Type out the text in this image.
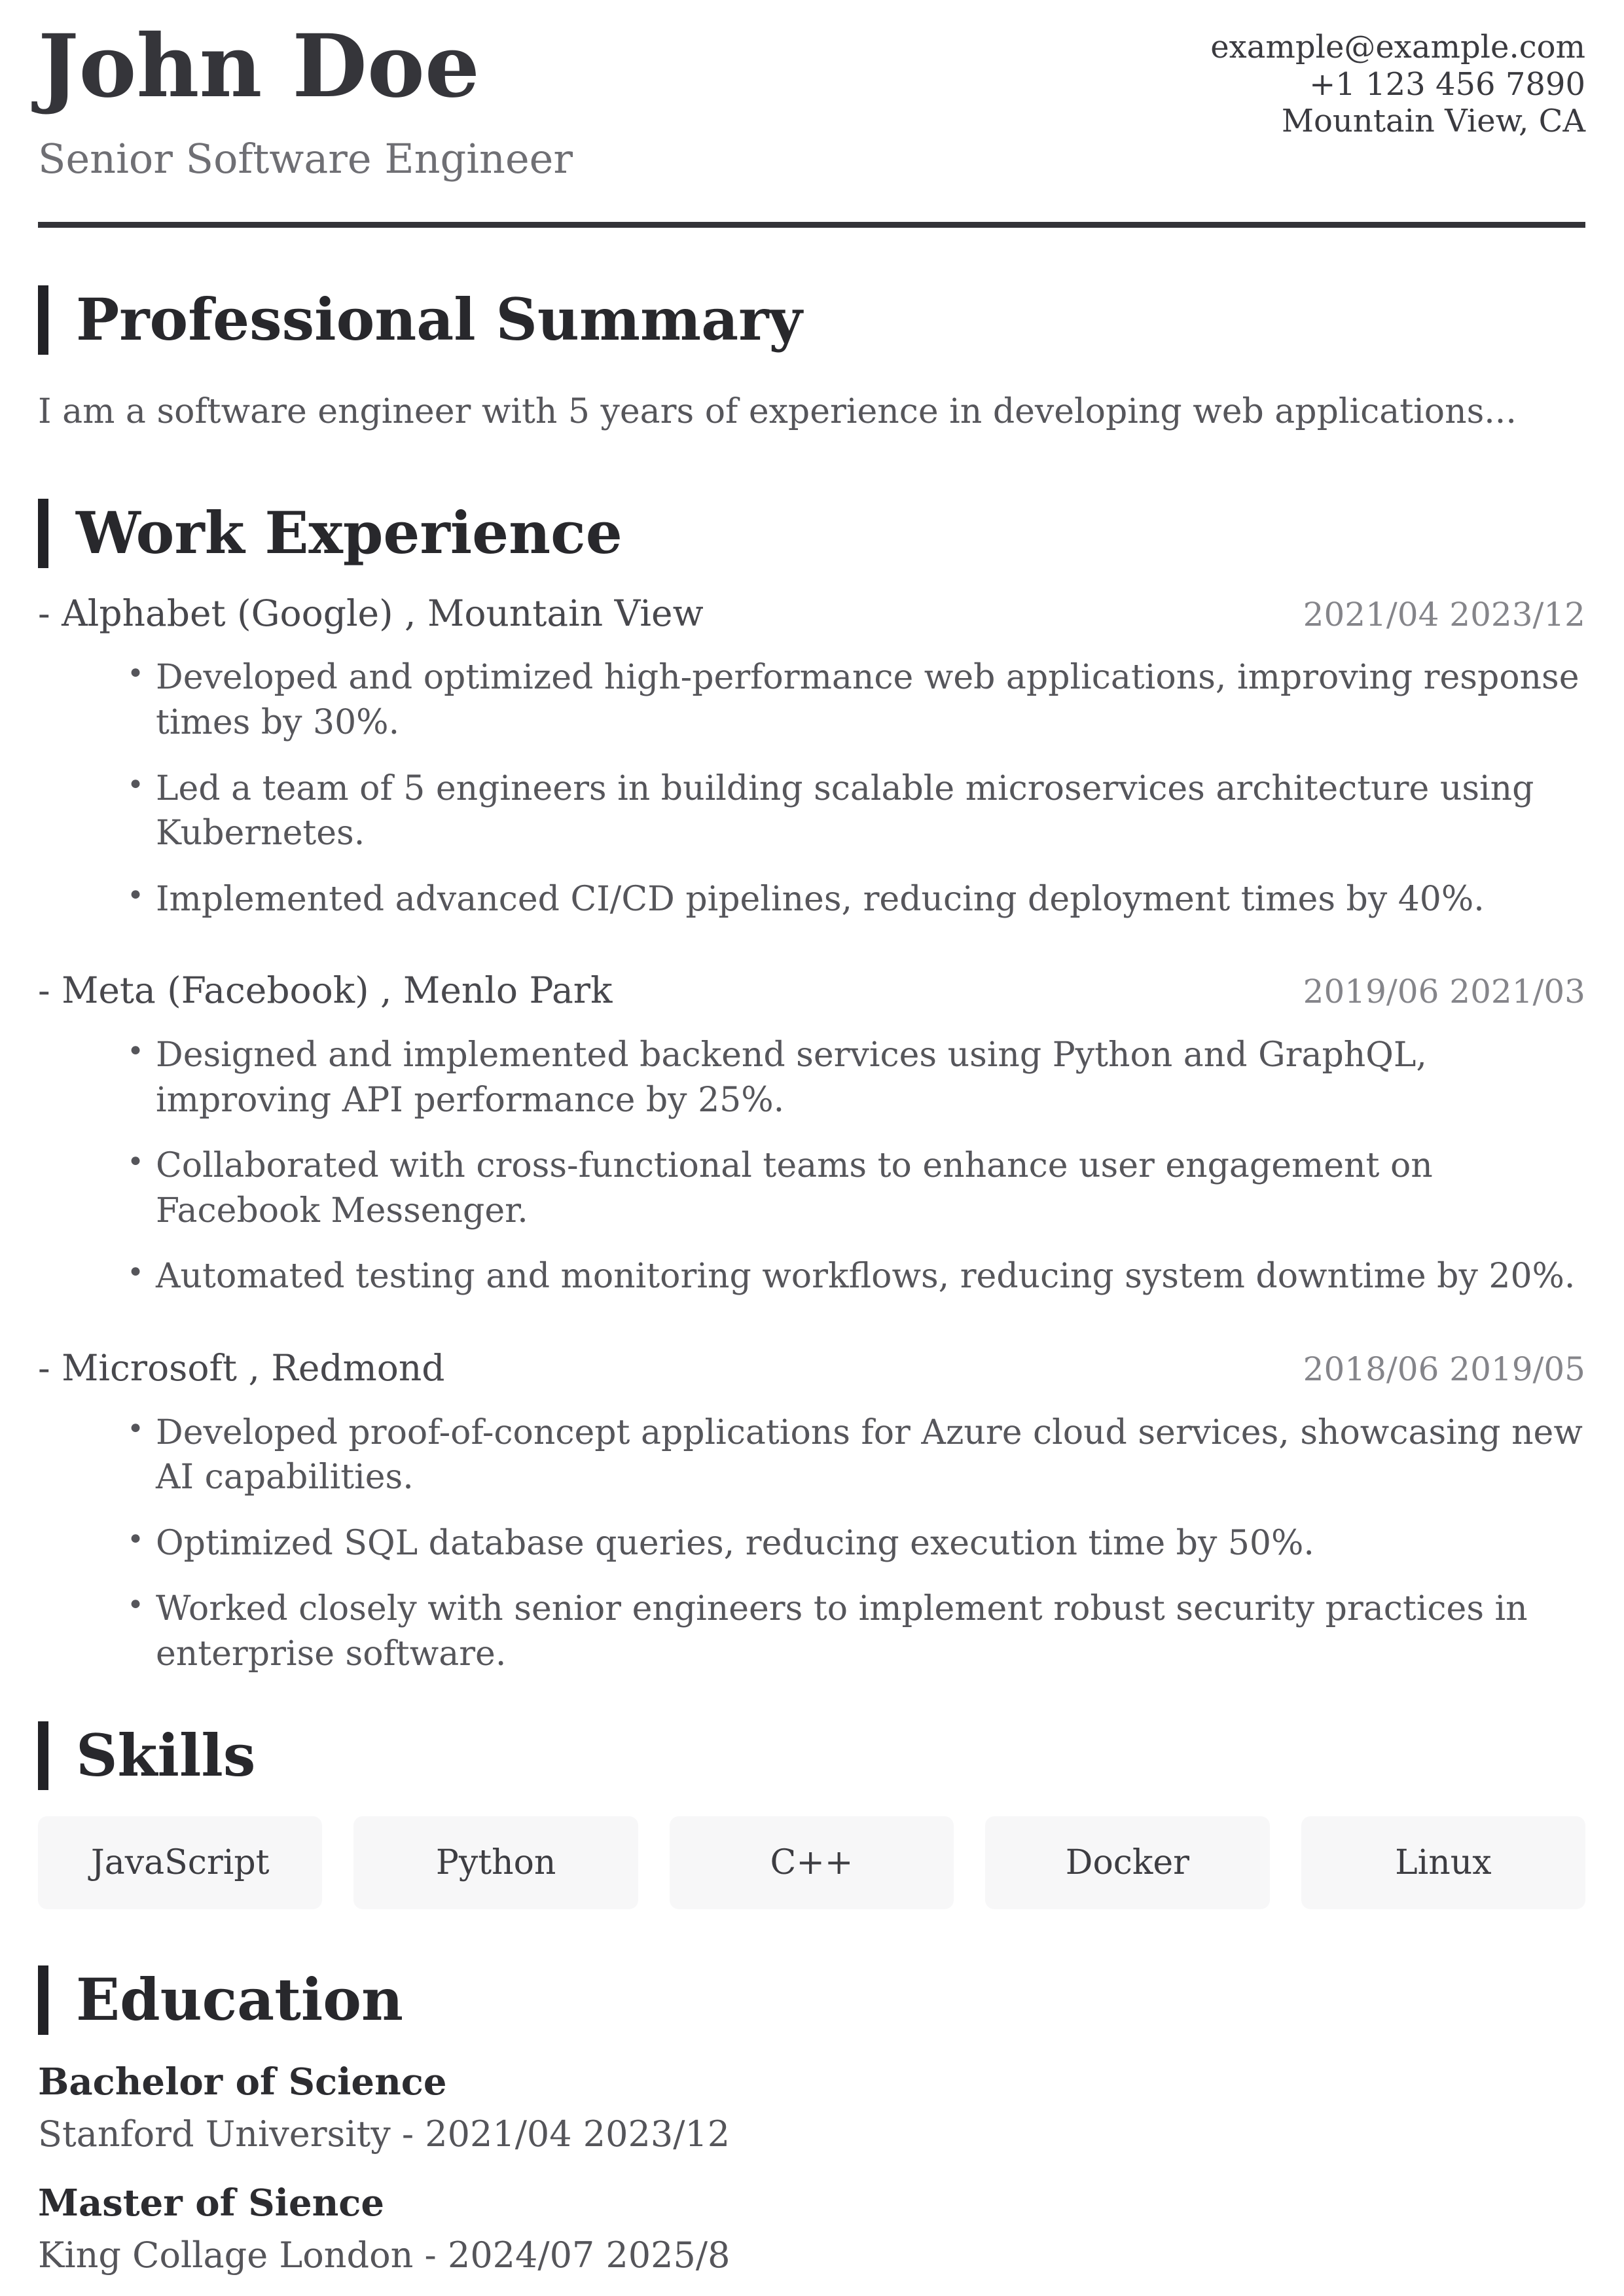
John Doe
Senior Software Engineer
example@example.com
+1 123 456 7890
Mountain View, CA
Professional Summary

I am a software engineer with 5 years of experience in developing web applications...

Work Experience
- Alphabet (Google) , Mountain View	2021/04 2023/12
• Developed and optimized high-performance web applications, improving response times by 30%.
• Led a team of 5 engineers in building scalable microservices architecture using Kubernetes.
• Implemented advanced CI/CD pipelines, reducing deployment times by 40%.
- Meta (Facebook) , Menlo Park	2019/06 2021/03
• Designed and implemented backend services using Python and GraphQL, improving API performance by 25%.
• Collaborated with cross-functional teams to enhance user engagement on Facebook Messenger.
• Automated testing and monitoring workflows, reducing system downtime by 20%.
- Microsoft , Redmond	2018/06 2019/05
• Developed proof-of-concept applications for Azure cloud services, showcasing new AI capabilities.
• Optimized SQL database queries, reducing execution time by 50%.
• Worked closely with senior engineers to implement robust security practices in enterprise software.
Skills
JavaScript	Python	C++	Docker	Linux
Education
Bachelor of Science
Stanford University - 2021/04 2023/12
Master of Sience
King Collage London - 2024/07 2025/8
